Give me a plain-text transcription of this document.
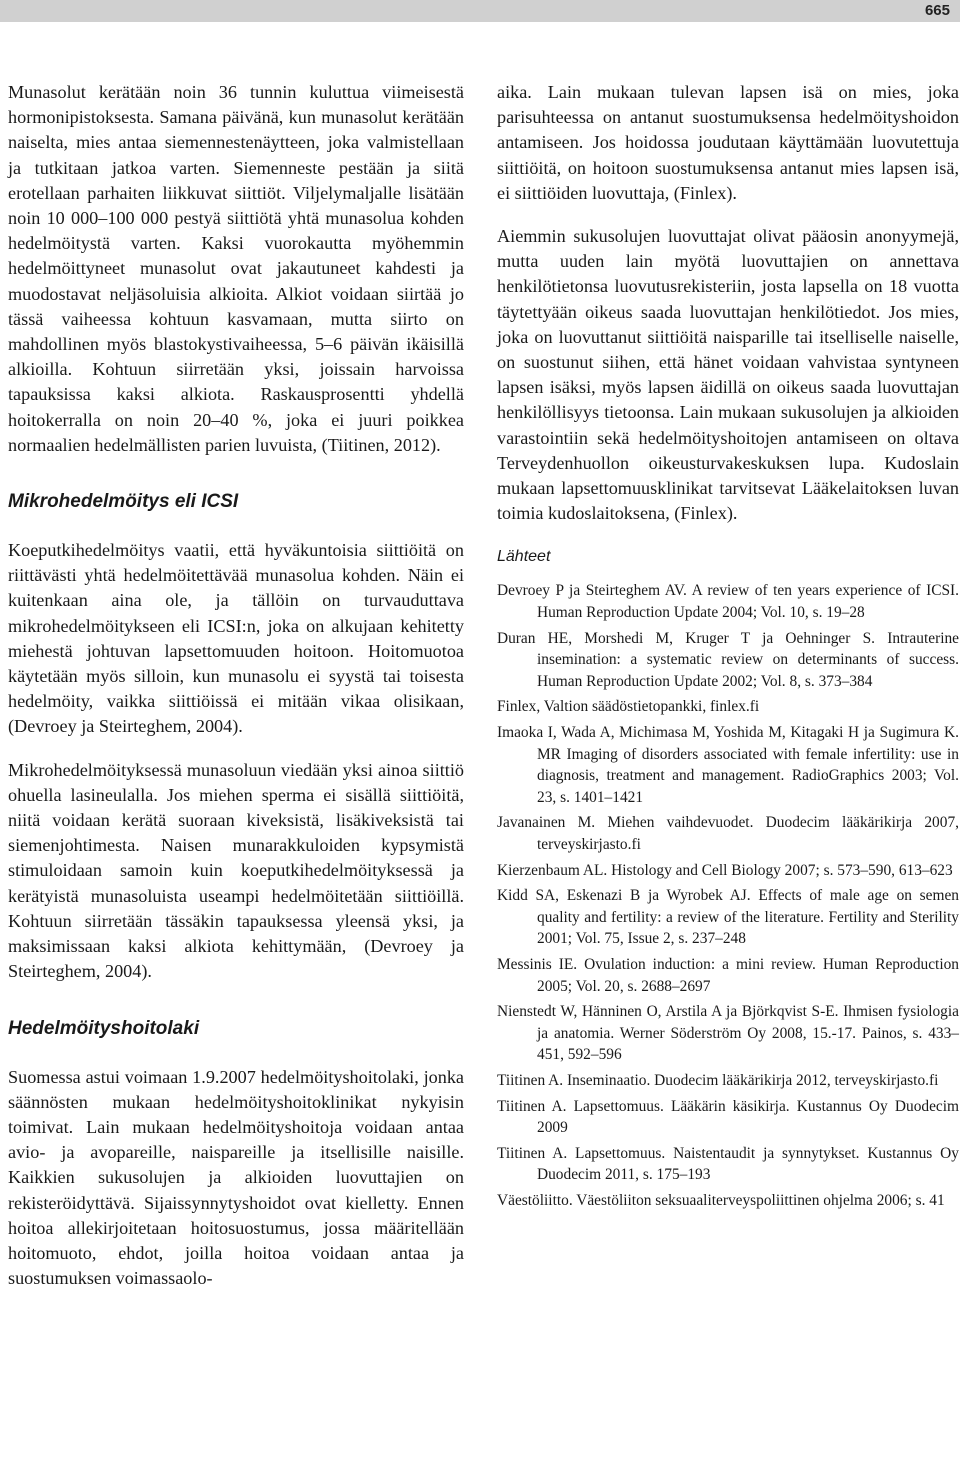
665

Munasolut kerätään noin 36 tunnin kuluttua viimeisestä hormonipistoksesta. Samana päivänä, kun munasolut kerätään naiselta, mies antaa siemennestenäytteen, joka valmistellaan ja tutkitaan jatkoa varten. Siemenneste pestään ja siitä erotellaan parhaiten liikkuvat siittiöt. Viljelymaljalle lisätään noin 10 000–100 000 pestyä siittiötä yhtä munasolua kohden hedelmöitystä varten. Kaksi vuorokautta myöhemmin hedelmöittyneet munasolut ovat jakautuneet kahdesti ja muodostavat neljäsoluisia alkioita. Alkiot voidaan siirtää jo tässä vaiheessa kohtuun kasvamaan, mutta siirto on mahdollinen myös blastokystivaiheessa, 5–6 päivän ikäisillä alkioilla. Kohtuun siirretään yksi, joissain harvoissa tapauksissa kaksi alkiota. Raskausprosentti yhdellä hoitokerralla on noin 20–40 %, joka ei juuri poikkea normaalien hedelmällisten parien luvuista, (Tiitinen, 2012).

Mikrohedelmöitys eli ICSI

Koeputkihedelmöitys vaatii, että hyväkuntoisia siittiöitä on riittävästi yhtä hedelmöitettävää munasolua kohden. Näin ei kuitenkaan aina ole, ja tällöin on turvauduttava mikrohedelmöitykseen eli ICSI:n, joka on alkujaan kehitetty miehestä johtuvan lapsettomuuden hoitoon. Hoitomuotoa käytetään myös silloin, kun munasolu ei syystä tai toisesta hedelmöity, vaikka siittiöissä ei mitään vikaa olisikaan, (Devroey ja Steirteghem, 2004).

Mikrohedelmöityksessä munasoluun viedään yksi ainoa siittiö ohuella lasineulalla. Jos miehen sperma ei sisällä siittiöitä, niitä voidaan kerätä suoraan kiveksistä, lisäkiveksistä tai siemenjohtimesta. Naisen munarakkuloiden kypsymistä stimuloidaan samoin kuin koeputkihedelmöityksessä ja kerätyistä munasoluista useampi hedelmöitetään siittiöillä. Kohtuun siirretään tässäkin tapauksessa yleensä yksi, ja maksimissaan kaksi alkiota kehittymään, (Devroey ja Steirteghem, 2004).

Hedelmöityshoitolaki

Suomessa astui voimaan 1.9.2007 hedelmöityshoitolaki, jonka säännösten mukaan hedelmöityshoitoklinikat nykyisin toimivat. Lain mukaan hedelmöityshoitoja voidaan antaa avio- ja avopareille, naispareille ja itsellisille naisille. Kaikkien sukusolujen ja alkioiden luovuttajien on rekisteröidyttävä. Sijaissynnytyshoidot ovat kielletty. Ennen hoitoa allekirjoitetaan hoitosuostumus, jossa määritellään hoitomuoto, ehdot, joilla hoitoa voidaan antaa ja suostumuksen voimassaolo-

aika. Lain mukaan tulevan lapsen isä on mies, joka parisuhteessa on antanut suostumuksensa hedelmöityshoidon antamiseen. Jos hoidossa joudutaan käyttämään luovutettuja siittiöitä, on hoitoon suostumuksensa antanut mies lapsen isä, ei siittiöiden luovuttaja, (Finlex).

Aiemmin sukusolujen luovuttajat olivat pääosin anonyymejä, mutta uuden lain myötä luovuttajien on annettava henkilötietonsa luovutusrekisteriin, josta lapsella on 18 vuotta täytettyään oikeus saada luovuttajan henkilötiedot. Jos mies, joka on luovuttanut siittiöitä naisparille tai itselliselle naiselle, on suostunut siihen, että hänet voidaan vahvistaa syntyneen lapsen isäksi, myös lapsen äidillä on oikeus saada luovuttajan henkilöllisyys tietoonsa. Lain mukaan sukusolujen ja alkioiden varastointiin sekä hedelmöityshoitojen antamiseen on oltava Terveydenhuollon oikeusturvakeskuksen lupa. Kudoslain mukaan lapsettomuusklinikat tarvitsevat Lääkelaitoksen luvan toimia kudoslaitoksena, (Finlex).

Lähteet
Devroey P ja Steirteghem AV. A review of ten years experience of ICSI. Human Reproduction Update 2004; Vol. 10, s. 19–28
Duran HE, Morshedi M, Kruger T ja Oehninger S. Intrauterine insemination: a systematic review on determinants of success. Human Reproduction Update 2002; Vol. 8, s. 373–384
Finlex, Valtion säädöstietopankki, finlex.fi
Imaoka I, Wada A, Michimasa M, Yoshida M, Kitagaki H ja Sugimura K. MR Imaging of disorders associated with female infertility: use in diagnosis, treatment and management. RadioGraphics 2003; Vol. 23, s. 1401–1421
Javanainen M. Miehen vaihdevuodet. Duodecim lääkärikirja 2007, terveyskirjasto.fi
Kierzenbaum AL. Histology and Cell Biology 2007; s. 573–590, 613–623
Kidd SA, Eskenazi B ja Wyrobek AJ. Effects of male age on semen quality and fertility: a review of the literature. Fertility and Sterility 2001; Vol. 75, Issue 2, s. 237–248
Messinis IE. Ovulation induction: a mini review. Human Reproduction 2005; Vol. 20, s. 2688–2697
Nienstedt W, Hänninen O, Arstila A ja Björkqvist S-E. Ihmisen fysiologia ja anatomia. Werner Söderström Oy 2008, 15.-17. Painos, s. 433–451, 592–596
Tiitinen A. Inseminaatio. Duodecim lääkärikirja 2012, terveyskirjasto.fi
Tiitinen A. Lapsettomuus. Lääkärin käsikirja. Kustannus Oy Duodecim 2009
Tiitinen A. Lapsettomuus. Naistentaudit ja synnytykset. Kustannus Oy Duodecim 2011, s. 175–193
Väestöliitto. Väestöliiton seksuaaliterveyspoliittinen ohjelma 2006; s. 41
